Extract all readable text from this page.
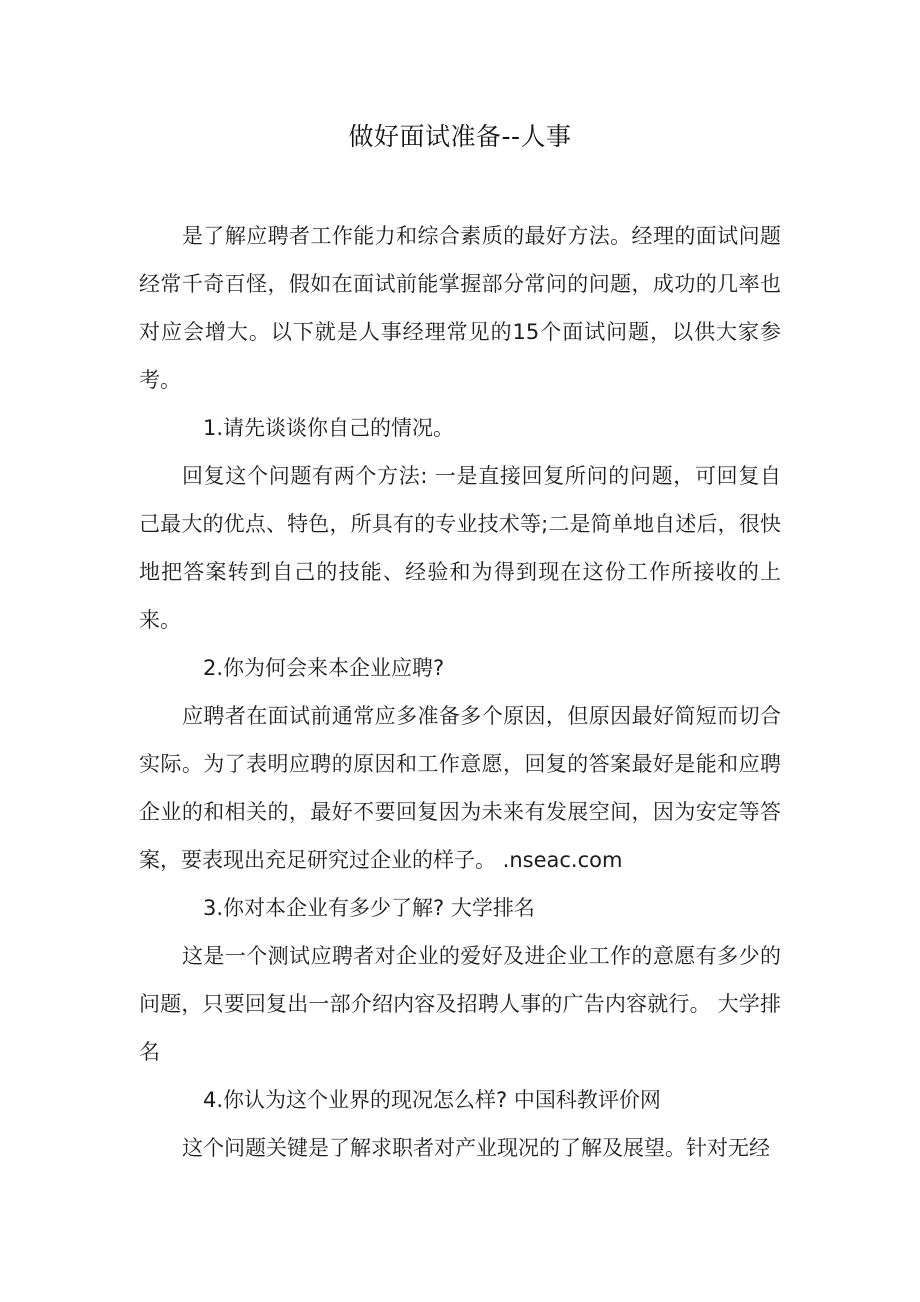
做好面试准备--人事

是了解应聘者工作能力和综合素质的最好方法。经理的面试问题经常千奇百怪，假如在面试前能掌握部分常问的问题，成功的几率也对应会增大。以下就是人事经理常见的15个面试问题，以供大家参考。

1.请先谈谈你自己的情况。

回复这个问题有两个方法: 一是直接回复所问的问题，可回复自己最大的优点、特色，所具有的专业技术等;二是简单地自述后，很快地把答案转到自己的技能、经验和为得到现在这份工作所接收的上来。

2.你为何会来本企业应聘?

应聘者在面试前通常应多准备多个原因，但原因最好简短而切合实际。为了表明应聘的原因和工作意愿，回复的答案最好是能和应聘企业的和相关的，最好不要回复因为未来有发展空间，因为安定等答案，要表现出充足研究过企业的样子。 .nseac.com

3.你对本企业有多少了解? 大学排名

这是一个测试应聘者对企业的爱好及进企业工作的意愿有多少的问题，只要回复出一部介绍内容及招聘人事的广告内容就行。 大学排名

4.你认为这个业界的现况怎么样? 中国科教评价网

这个问题关键是了解求职者对产业现况的了解及展望。针对无经
